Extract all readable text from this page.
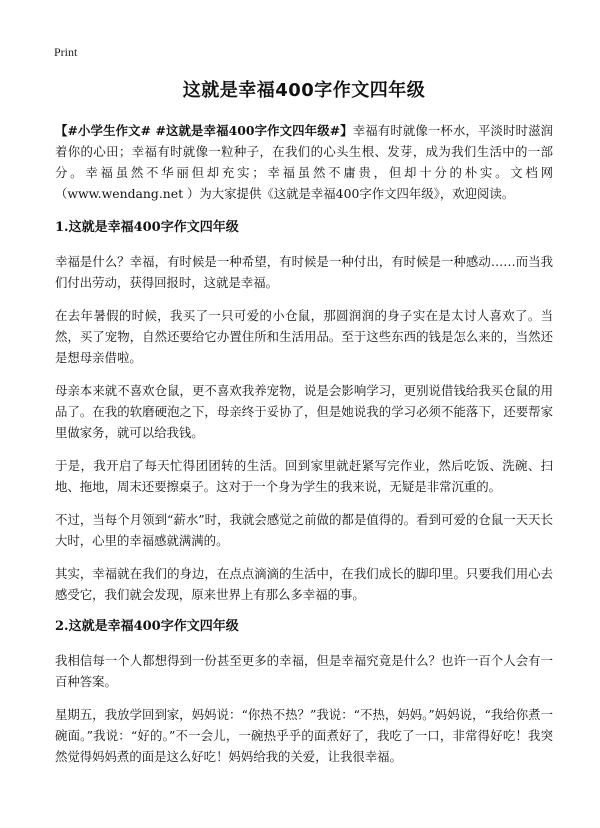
Print
这就是幸福400字作文四年级

【#小学生作文# #这就是幸福400字作文四年级#】幸福有时就像一杯水，平淡时时滋润着你的心田；幸福有时就像一粒种子，在我们的心头生根、发芽，成为我们生活中的一部分。幸福虽然不华丽但却充实；幸福虽然不庸贵，但却十分的朴实。文档网（www.wendang.net ）为大家提供《这就是幸福400字作文四年级》，欢迎阅读。

1.这就是幸福400字作文四年级

幸福是什么？幸福，有时候是一种希望，有时候是一种付出，有时候是一种感动……而当我们付出劳动，获得回报时，这就是幸福。

在去年暑假的时候，我买了一只可爱的小仓鼠，那圆润润的身子实在是太讨人喜欢了。当然，买了宠物，自然还要给它办置住所和生活用品。至于这些东西的钱是怎么来的，当然还是想母亲借啦。

母亲本来就不喜欢仓鼠，更不喜欢我养宠物，说是会影响学习，更别说借钱给我买仓鼠的用品了。在我的软磨硬泡之下，母亲终于妥协了，但是她说我的学习必须不能落下，还要帮家里做家务，就可以给我钱。

于是，我开启了每天忙得团团转的生活。回到家里就赶紧写完作业，然后吃饭、洗碗、扫地、拖地，周末还要擦桌子。这对于一个身为学生的我来说，无疑是非常沉重的。

不过，当每个月领到“薪水”时，我就会感觉之前做的都是值得的。看到可爱的仓鼠一天天长大时，心里的幸福感就满满的。

其实，幸福就在我们的身边，在点点滴滴的生活中，在我们成长的脚印里。只要我们用心去感受它，我们就会发现，原来世界上有那么多幸福的事。

2.这就是幸福400字作文四年级

我相信每一个人都想得到一份甚至更多的幸福，但是幸福究竟是什么？也许一百个人会有一百种答案。

星期五，我放学回到家，妈妈说：“你热不热？”我说：“不热，妈妈。”妈妈说，“我给你煮一碗面。”我说：“好的。”不一会儿，一碗热乎乎的面煮好了，我吃了一口，非常得好吃！我突然觉得妈妈煮的面是这么好吃！妈妈给我的关爱，让我很幸福。
